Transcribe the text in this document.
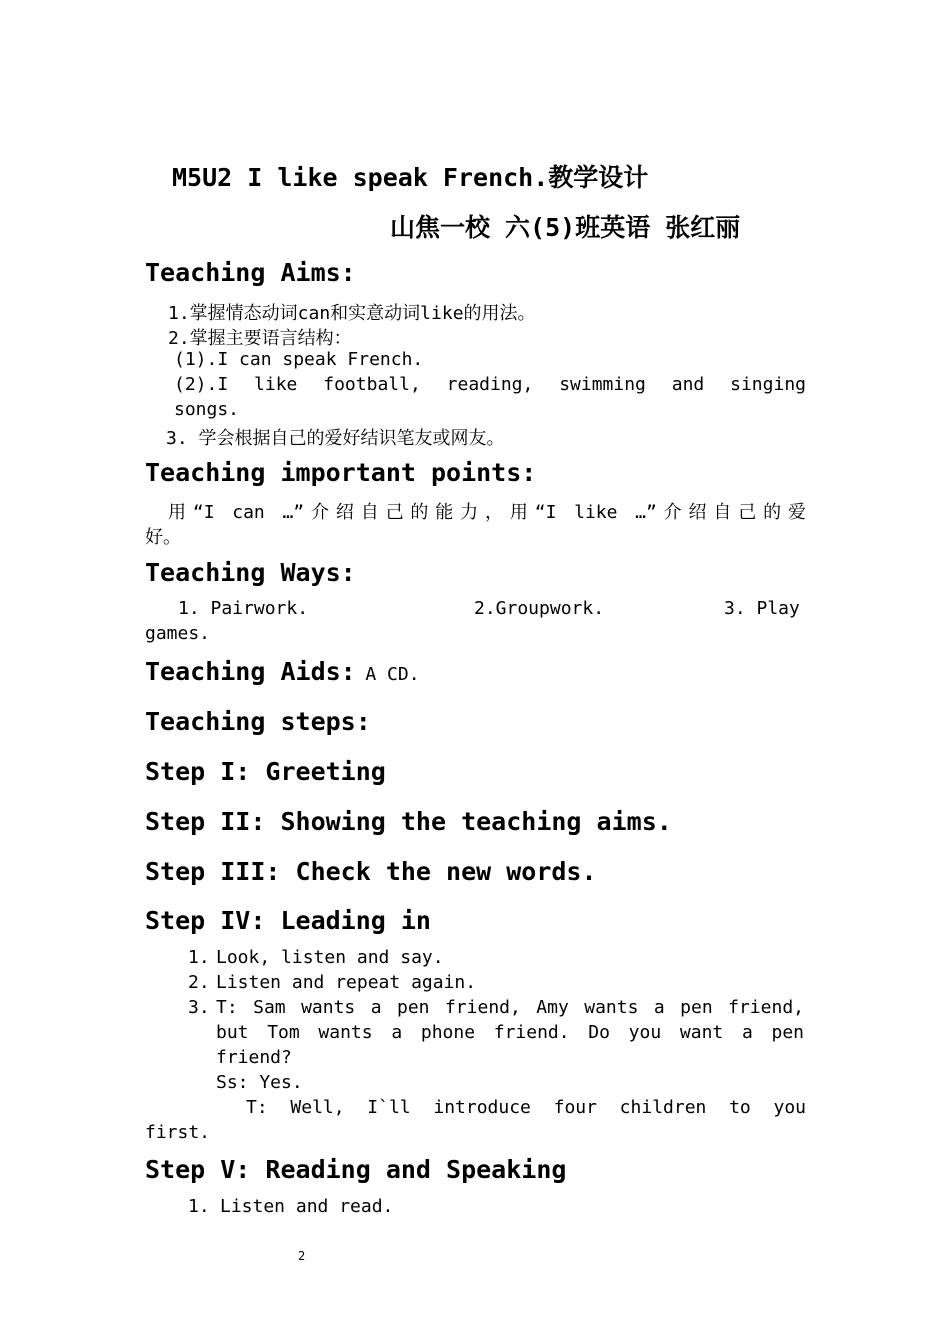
M5U2 I like speak French.教学设计
山焦一校 六(5)班英语 张红丽
Teaching Aims:
1.掌握情态动词can和实意动词like的用法。
2.掌握主要语言结构：
(1).I can speak French.
(2).I like football, reading, swimming and singing
songs.
3. 学会根据自己的爱好结识笔友或网友。
Teaching important points:
用“I can …”介绍自己的能力，用“I like …”介绍自己的爱
好。
Teaching Ways:
1. Pairwork.	2.Groupwork.	3. Play
games.
Teaching Aids: A CD.
Teaching steps:
Step I: Greeting
Step II: Showing the teaching aims.
Step III: Check the new words.
Step IV: Leading in
1. Look, listen and say.
2. Listen and repeat again.
3. T: Sam wants a pen friend, Amy wants a pen friend,
but Tom wants a phone friend. Do you want a pen
friend?
Ss: Yes.
T: Well, I`ll introduce four children to you
first.
Step V: Reading and Speaking
1. Listen and read.
2
